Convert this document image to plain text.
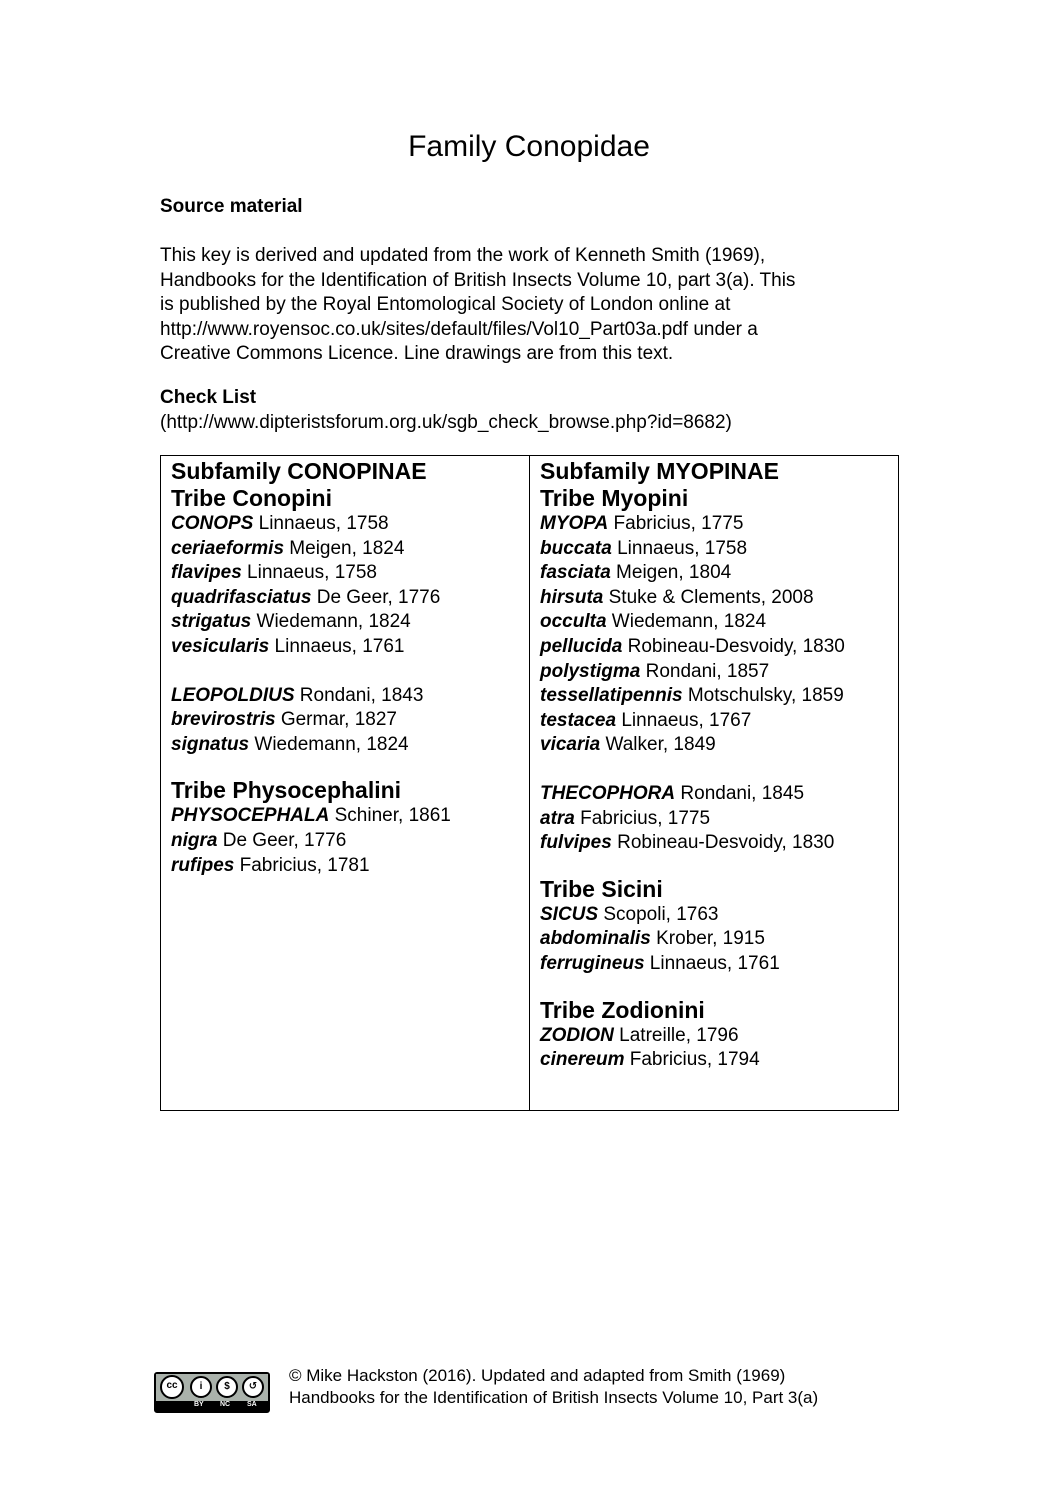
Family Conopidae
Source material
This key is derived and updated from the work of Kenneth Smith (1969),
Handbooks for the Identification of British Insects Volume 10, part 3(a). This
is published by the Royal Entomological Society of London online at
http://www.royensoc.co.uk/sites/default/files/Vol10_Part03a.pdf under a
Creative Commons Licence. Line drawings are from this text.
Check List
(http://www.dipteristsforum.org.uk/sgb_check_browse.php?id=8682)
Subfamily CONOPINAE
Tribe Conopini
CONOPS Linnaeus, 1758
ceriaeformis Meigen, 1824
flavipes Linnaeus, 1758
quadrifasciatus De Geer, 1776
strigatus Wiedemann, 1824
vesicularis Linnaeus, 1761
LEOPOLDIUS Rondani, 1843
brevirostris Germar, 1827
signatus Wiedemann, 1824
Tribe Physocephalini
PHYSOCEPHALA Schiner, 1861
nigra De Geer, 1776
rufipes Fabricius, 1781
Subfamily MYOPINAE
Tribe Myopini
MYOPA Fabricius, 1775
buccata Linnaeus, 1758
fasciata Meigen, 1804
hirsuta Stuke & Clements, 2008
occulta Wiedemann, 1824
pellucida Robineau-Desvoidy, 1830
polystigma Rondani, 1857
tessellatipennis Motschulsky, 1859
testacea Linnaeus, 1767
vicaria Walker, 1849
THECOPHORA Rondani, 1845
atra Fabricius, 1775
fulvipes Robineau-Desvoidy, 1830
Tribe Sicini
SICUS Scopoli, 1763
abdominalis Krober, 1915
ferrugineus Linnaeus, 1761
Tribe Zodionini
ZODION Latreille, 1796
cinereum Fabricius, 1794
cc	i	$	↺
BY NC SA
© Mike Hackston (2016). Updated and adapted from Smith (1969)
Handbooks for the Identification of British Insects Volume 10, Part 3(a)
